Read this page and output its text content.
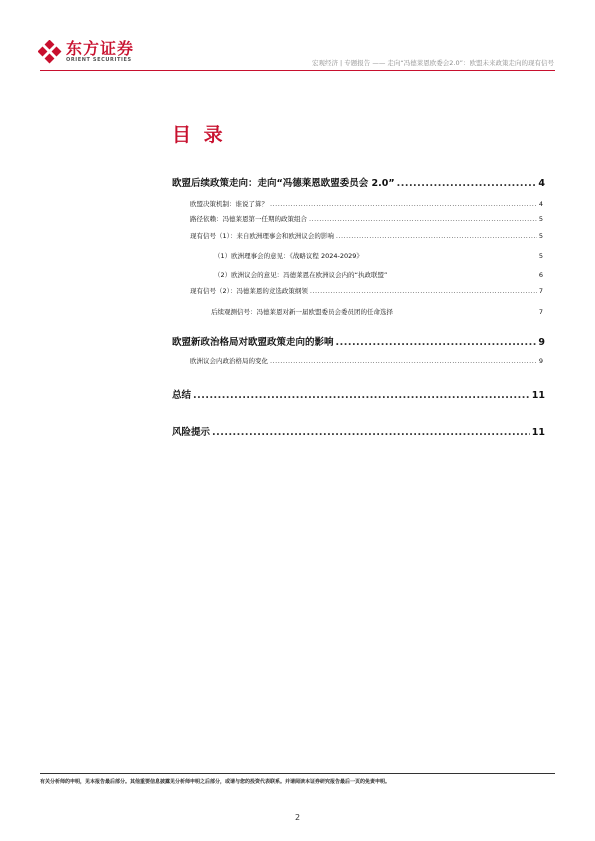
东方证券
ORIENT SECURITIES	宏观经济 | 专题报告 —— 走向“冯德莱恩欧委会2.0”：欧盟未来政策走向的现有信号
目 录
欧盟后续政策走向：走向“冯德莱恩欧盟委员会 2.0” .....	4
欧盟决策机制：谁说了算？ .....	4
路径依赖：冯德莱恩第一任期的政策组合 .....	5
现有信号（1）：来自欧洲理事会和欧洲议会的影响 .....	5
（1）欧洲理事会的意见：《战略议程 2024-2029》	5
（2）欧洲议会的意见：冯德莱恩在欧洲议会内的“执政联盟”	6
现有信号（2）：冯德莱恩的竞选政策纲领 .....	7
后续观测信号：冯德莱恩对新一届欧盟委员会委员团的任命选择	7
欧盟新政治格局对欧盟政策走向的影响 .....	9
欧洲议会内政治格局的变化 .....	9
总结 .....	11
风险提示 .....	11
有关分析师的申明，见本报告最后部分。其他重要信息披露见分析师申明之后部分，或请与您的投资代表联系。并请阅读本证券研究报告最后一页的免责申明。
2
